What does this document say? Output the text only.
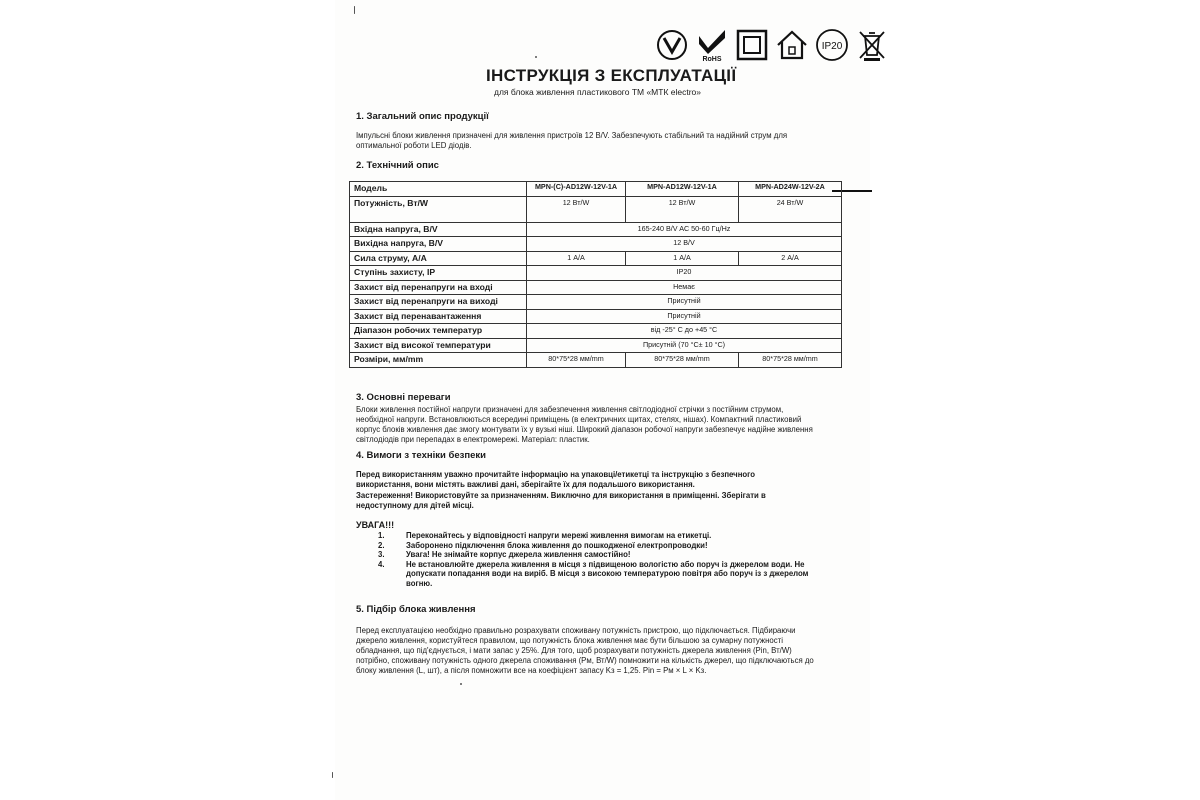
RoHS
IP20
ІНСТРУКЦІЯ З ЕКСПЛУАТАЦІЇ

для блока живлення пластикового ТМ «МТК electro»

1. Загальний опис продукції

Імпульсні блоки живлення призначені для живлення пристроїв 12 В/V. Забезпечують стабільний та надійний струм для оптимальної роботи LED діодів.

2. Технічний опис
Модель	MPN-(C)-AD12W-12V-1A	MPN-AD12W-12V-1A	MPN-AD24W-12V-2A
Потужність, Вт/W	12 Вт/W	12 Вт/W	24 Вт/W
Вхідна напруга, В/V	165-240 В/V AC 50-60 Гц/Hz		
Вихідна напруга, В/V	12 В/V		
Сила струму, А/A	1 А/A	1 А/A	2 А/A
Ступінь захисту, IP	IP20		
Захист від перенапруги на вході	Немає		
Захист від перенапруги на виході	Присутній		
Захист від перенавантаження	Присутній		
Діапазон робочих температур	від -25° С до +45 °С		
Захист від високої температури	Присутній (70 °C± 10 °C)		
Розміри, мм/mm	80*75*28 мм/mm	80*75*28 мм/mm	80*75*28 мм/mm
3. Основні переваги

Блоки живлення постійної напруги призначені для забезпечення живлення світлодіодної стрічки з постійним струмом, необхідної напруги. Встановлюються всередині приміщень (в електричних щитах, стелях, нішах). Компактний пластиковий корпус блоків живлення дає змогу монтувати їх у вузькі ніші. Широкий діапазон робочої напруги забезпечує надійне живлення світлодіодів при перепадах в електромережі. Матеріал: пластик.

4. Вимоги з техніки безпеки

Перед використанням уважно прочитайте інформацію на упаковці/етикетці та інструкцію з безпечного використання, вони містять важливі дані, зберігайте їх для подальшого використання.

Застереження! Використовуйте за призначенням. Виключно для використання в приміщенні. Зберігати в недоступному для дітей місці.

УВАГА!!!

1.	Переконайтесь у відповідності напруги мережі живлення вимогам на етикетці.
2.	Заборонено підключення блока живлення до пошкодженої електропроводки!
3.	Увага! Не знімайте корпус джерела живлення самостійно!
4.	Не встановлюйте джерела живлення в місця з підвищеною вологістю або поруч із джерелом води. Не допускати попадання води на виріб. В місця з високою температурою повітря або поруч із з джерелом вогню.
5. Підбір блока живлення

Перед експлуатацією необхідно правильно розрахувати споживану потужність пристрою, що підключається. Підбираючи джерело живлення, користуйтеся правилом, що потужність блока живлення має бути більшою за сумарну потужності обладнання, що під'єднується, і мати запас у 25%. Для того, щоб розрахувати потужність джерела живлення (Pin, Вт/W) потрібно, споживану потужність одного джерела споживання (Pм, Вт/W) помножити на кількість джерел, що підключаються до блоку живлення (L, шт), а після помножити все на коефіцієнт запасу Kз = 1,25. Pin = Pм × L × Kз.
